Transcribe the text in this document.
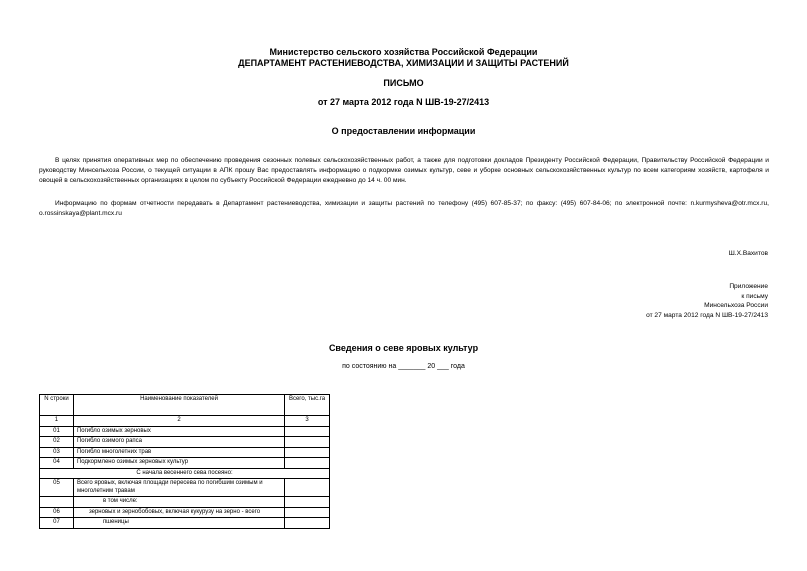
Министерство сельского хозяйства Российской Федерации
ДЕПАРТАМЕНТ РАСТЕНИЕВОДСТВА, ХИМИЗАЦИИ И ЗАЩИТЫ РАСТЕНИЙ
ПИСЬМО
от 27 марта 2012 года N ШВ-19-27/2413
О предоставлении информации
В целях принятия оперативных мер по обеспечению проведения сезонных полевых сельскохозяйственных работ, а также для подготовки докладов Президенту Российской Федерации, Правительству Российской Федерации и руководству Минсельхоза России, о текущей ситуации в АПК прошу Вас предоставлять информацию о подкормке озимых культур, севе и уборке основных сельскохозяйственных культур по всем категориям хозяйств, картофеля и овощей в сельскохозяйственных организациях в целом по субъекту Российской Федерации ежедневно до 14 ч. 00 мин.
Информацию по формам отчетности передавать в Департамент растениеводства, химизации и защиты растений по телефону (495) 607-85-37; по факсу: (495) 607-84-06; по электронной почте: n.kurmysheva@otr.mcx.ru, o.rossinskaya@plant.mcx.ru
Ш.Х.Вахитов
Приложение
к письму
Минсельхоза России
от 27 марта 2012 года N ШВ-19-27/2413
Сведения о севе яровых культур
по состоянию на _______ 20 ___ года
N строки	Наименование показателей	Всего, тыс.га
1	2	3
01	Погибло озимых зерновых	
02	Погибло озимого рапса	
03	Погибло многолетних трав	
04	Подкормлено озимых зерновых культур	
С начала весеннего сева посеяно:		
05	Всего яровых, включая площади пересева по погибшим озимым и многолетним травам	
	в том числе:	
06	зерновых и зернобобовых, включая кукурузу на зерно - всего	
07	пшеницы	
